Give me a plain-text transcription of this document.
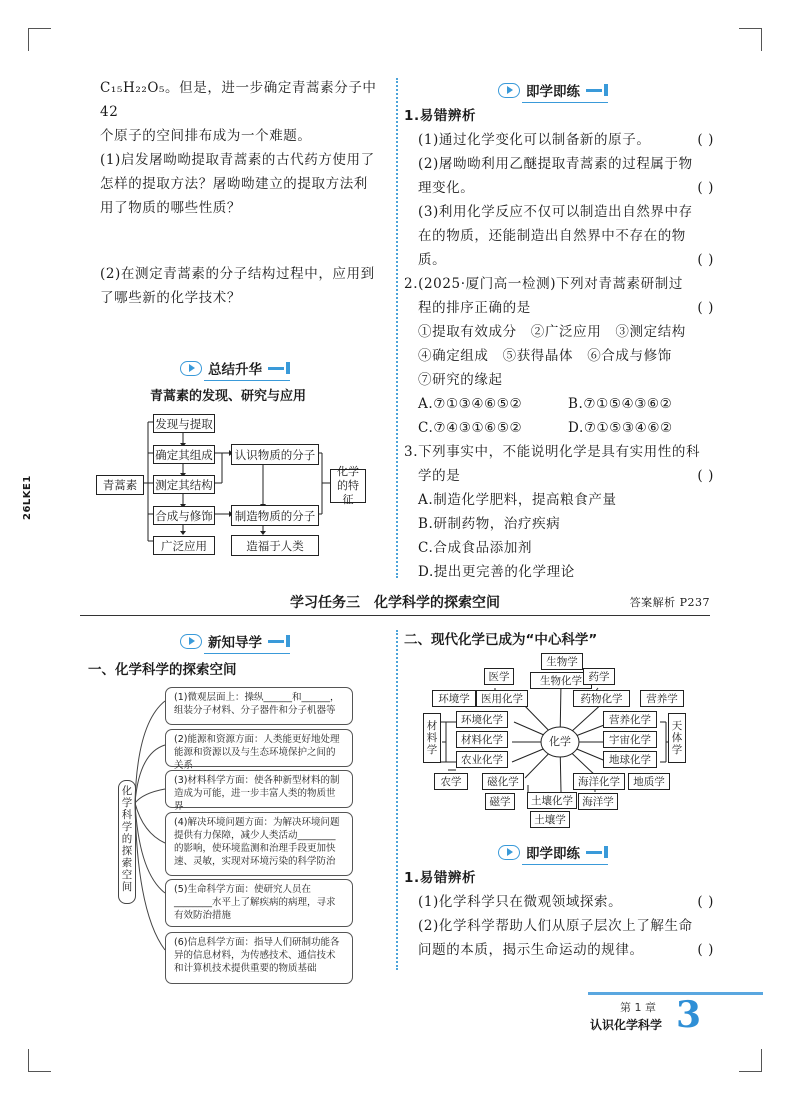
26LKE1
C₁₅H₂₂O₅。但是，进一步确定青蒿素分子中42
个原子的空间排布成为一个难题。
(1)启发屠呦呦提取青蒿素的古代药方使用了
怎样的提取方法？屠呦呦建立的提取方法利
用了物质的哪些性质？
(2)在测定青蒿素的分子结构过程中，应用到
了哪些新的化学技术？
总结升华
青蒿素的发现、研究与应用
青蒿素
发现与提取
确定其组成
测定其结构
合成与修饰
广泛应用
认识物质的分子
制造物质的分子
造福于人类
化学的特征
即学即练
1.易错辨析
(1)通过化学变化可以制备新的原子。	( )
(2)屠呦呦利用乙醚提取青蒿素的过程属于物
理变化。	( )
(3)利用化学反应不仅可以制造出自然界中存
在的物质，还能制造出自然界中不存在的物
质。	( )
2.(2025·厦门高一检测)下列对青蒿素研制过
程的排序正确的是	( )
①提取有效成分　②广泛应用　③测定结构
④确定组成　⑤获得晶体　⑥合成与修饰
⑦研究的缘起
A.⑦①③④⑥⑤②	B.⑦①⑤④③⑥②
C.⑦④③①⑥⑤②	D.⑦①⑤③④⑥②
3.下列事实中，不能说明化学是具有实用性的科
学的是	( )
A.制造化学肥料，提高粮食产量
B.研制药物，治疗疾病
C.合成食品添加剂
D.提出更完善的化学理论
学习任务三　化学科学的探索空间	答案解析 P237
新知导学
一、化学科学的探索空间
化学科学的探索空间
(1)微观层面上：操纵______和______，组装分子材料、分子器件和分子机器等
(2)能源和资源方面：人类能更好地处理能源和资源以及与生态环境保护之间的关系
(3)材料科学方面：使各种新型材料的制造成为可能，进一步丰富人类的物质世界
(4)解决环境问题方面：为解决环境问题提供有力保障，减少人类活动________的影响，使环境监测和治理手段更加快速、灵敏，实现对环境污染的科学防治
(5)生命科学方面：使研究人员在________水平上了解疾病的病理，寻求有效防治措施
(6)信息科学方面：指导人们研制功能各异的信息材料，为传感技术、通信技术和计算机技术提供重要的物质基础
二、现代化学已成为“中心科学”
化学
生物学
生物化学 药学
药物化学
医学
医用化学	营养学
环境学
环境化学	营养化学
材料学
材料化学	宇宙化学
天体学
农业化学	地球化学
农学	磁化学
土壤化学
海洋化学	地质学
磁学	海洋学
土壤学
即学即练
1.易错辨析
(1)化学科学只在微观领域探索。	( )
(2)化学科学帮助人们从原子层次上了解生命
问题的本质，揭示生命运动的规律。	( )
第 1 章
认识化学科学 3
